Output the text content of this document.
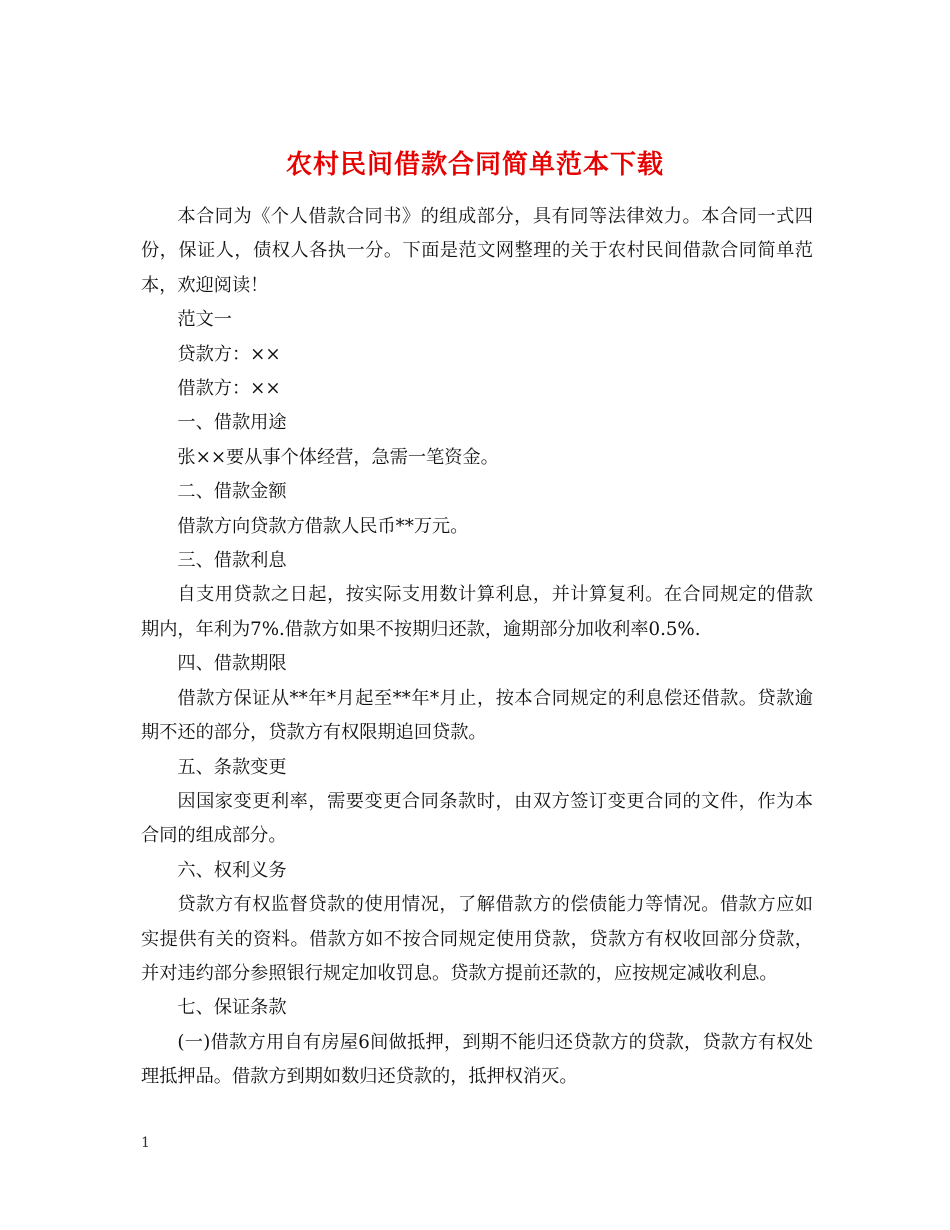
农村民间借款合同简单范本下载

本合同为《个人借款合同书》的组成部分，具有同等法律效力。本合同一式四份，保证人，债权人各执一分。下面是范文网整理的关于农村民间借款合同简单范本，欢迎阅读！

范文一

贷款方：××

借款方：××

一、借款用途

张××要从事个体经营，急需一笔资金。

二、借款金额

借款方向贷款方借款人民币**万元。

三、借款利息

自支用贷款之日起，按实际支用数计算利息，并计算复利。在合同规定的借款期内，年利为7%.借款方如果不按期归还款，逾期部分加收利率0.5%.

四、借款期限

借款方保证从**年*月起至**年*月止，按本合同规定的利息偿还借款。贷款逾期不还的部分，贷款方有权限期追回贷款。

五、条款变更

因国家变更利率，需要变更合同条款时，由双方签订变更合同的文件，作为本合同的组成部分。

六、权利义务

贷款方有权监督贷款的使用情况，了解借款方的偿债能力等情况。借款方应如实提供有关的资料。借款方如不按合同规定使用贷款，贷款方有权收回部分贷款，并对违约部分参照银行规定加收罚息。贷款方提前还款的，应按规定减收利息。

七、保证条款

(一)借款方用自有房屋6间做抵押，到期不能归还贷款方的贷款，贷款方有权处理抵押品。借款方到期如数归还贷款的，抵押权消灭。

1
